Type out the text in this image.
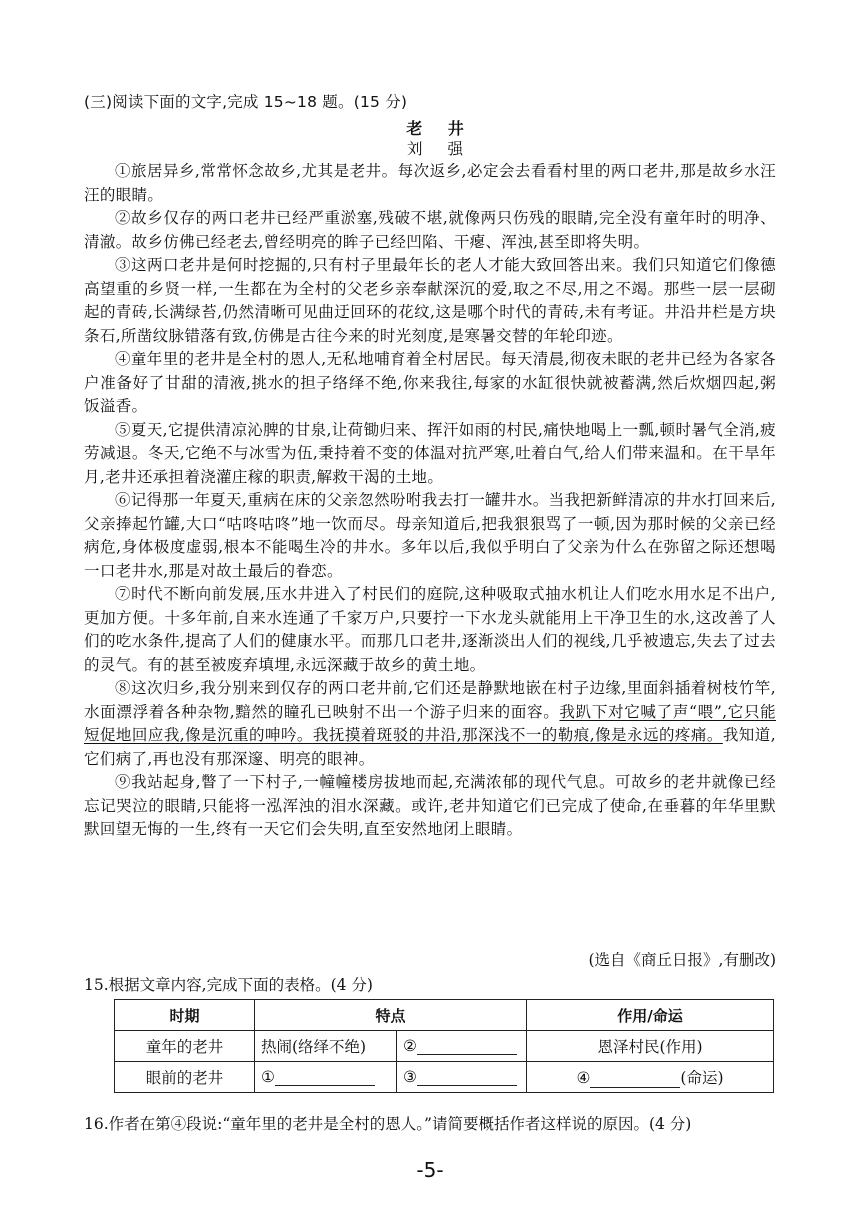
(三)阅读下面的文字,完成 15~18 题。(15 分)
老 井
刘 强

①旅居异乡,常常怀念故乡,尤其是老井。每次返乡,必定会去看看村里的两口老井,那是故乡水汪汪的眼睛。

②故乡仅存的两口老井已经严重淤塞,残破不堪,就像两只伤残的眼睛,完全没有童年时的明净、清澈。故乡仿佛已经老去,曾经明亮的眸子已经凹陷、干瘪、浑浊,甚至即将失明。

③这两口老井是何时挖掘的,只有村子里最年长的老人才能大致回答出来。我们只知道它们像德高望重的乡贤一样,一生都在为全村的父老乡亲奉献深沉的爱,取之不尽,用之不竭。那些一层一层砌起的青砖,长满绿苔,仍然清晰可见曲迂回环的花纹,这是哪个时代的青砖,未有考证。井沿井栏是方块条石,所凿纹脉错落有致,仿佛是古往今来的时光刻度,是寒暑交替的年轮印迹。

④童年里的老井是全村的恩人,无私地哺育着全村居民。每天清晨,彻夜未眠的老井已经为各家各户准备好了甘甜的清液,挑水的担子络绎不绝,你来我往,每家的水缸很快就被蓄满,然后炊烟四起,粥饭溢香。

⑤夏天,它提供清凉沁脾的甘泉,让荷锄归来、挥汗如雨的村民,痛快地喝上一瓢,顿时暑气全消,疲劳减退。冬天,它绝不与冰雪为伍,秉持着不变的体温对抗严寒,吐着白气,给人们带来温和。在干旱年月,老井还承担着浇灌庄稼的职责,解救干渴的土地。

⑥记得那一年夏天,重病在床的父亲忽然吩咐我去打一罐井水。当我把新鲜清凉的井水打回来后,父亲捧起竹罐,大口“咕咚咕咚”地一饮而尽。母亲知道后,把我狠狠骂了一顿,因为那时候的父亲已经病危,身体极度虚弱,根本不能喝生冷的井水。多年以后,我似乎明白了父亲为什么在弥留之际还想喝一口老井水,那是对故土最后的眷恋。

⑦时代不断向前发展,压水井进入了村民们的庭院,这种吸取式抽水机让人们吃水用水足不出户,更加方便。十多年前,自来水连通了千家万户,只要拧一下水龙头就能用上干净卫生的水,这改善了人们的吃水条件,提高了人们的健康水平。而那几口老井,逐渐淡出人们的视线,几乎被遗忘,失去了过去的灵气。有的甚至被废弃填埋,永远深藏于故乡的黄土地。

⑧这次归乡,我分别来到仅存的两口老井前,它们还是静默地嵌在村子边缘,里面斜插着树枝竹竿,水面漂浮着各种杂物,黯然的瞳孔已映射不出一个游子归来的面容。我趴下对它喊了声“喂”,它只能短促地回应我,像是沉重的呻吟。我抚摸着斑驳的井沿,那深浅不一的勒痕,像是永远的疼痛。我知道,它们病了,再也没有那深邃、明亮的眼神。

⑨我站起身,瞥了一下村子,一幢幢楼房拔地而起,充满浓郁的现代气息。可故乡的老井就像已经忘记哭泣的眼睛,只能将一泓浑浊的泪水深藏。或许,老井知道它们已完成了使命,在垂暮的年华里默默回望无悔的一生,终有一天它们会失明,直至安然地闭上眼睛。

(选自《商丘日报》,有删改)
15.根据文章内容,完成下面的表格。(4 分)
时期	特点		作用/命运
童年的老井	热闹(络绎不绝)	②	恩泽村民(作用)
眼前的老井	①	③	④ (命运)
16.作者在第④段说:“童年里的老井是全村的恩人。”请简要概括作者这样说的原因。(4 分)
-5-
